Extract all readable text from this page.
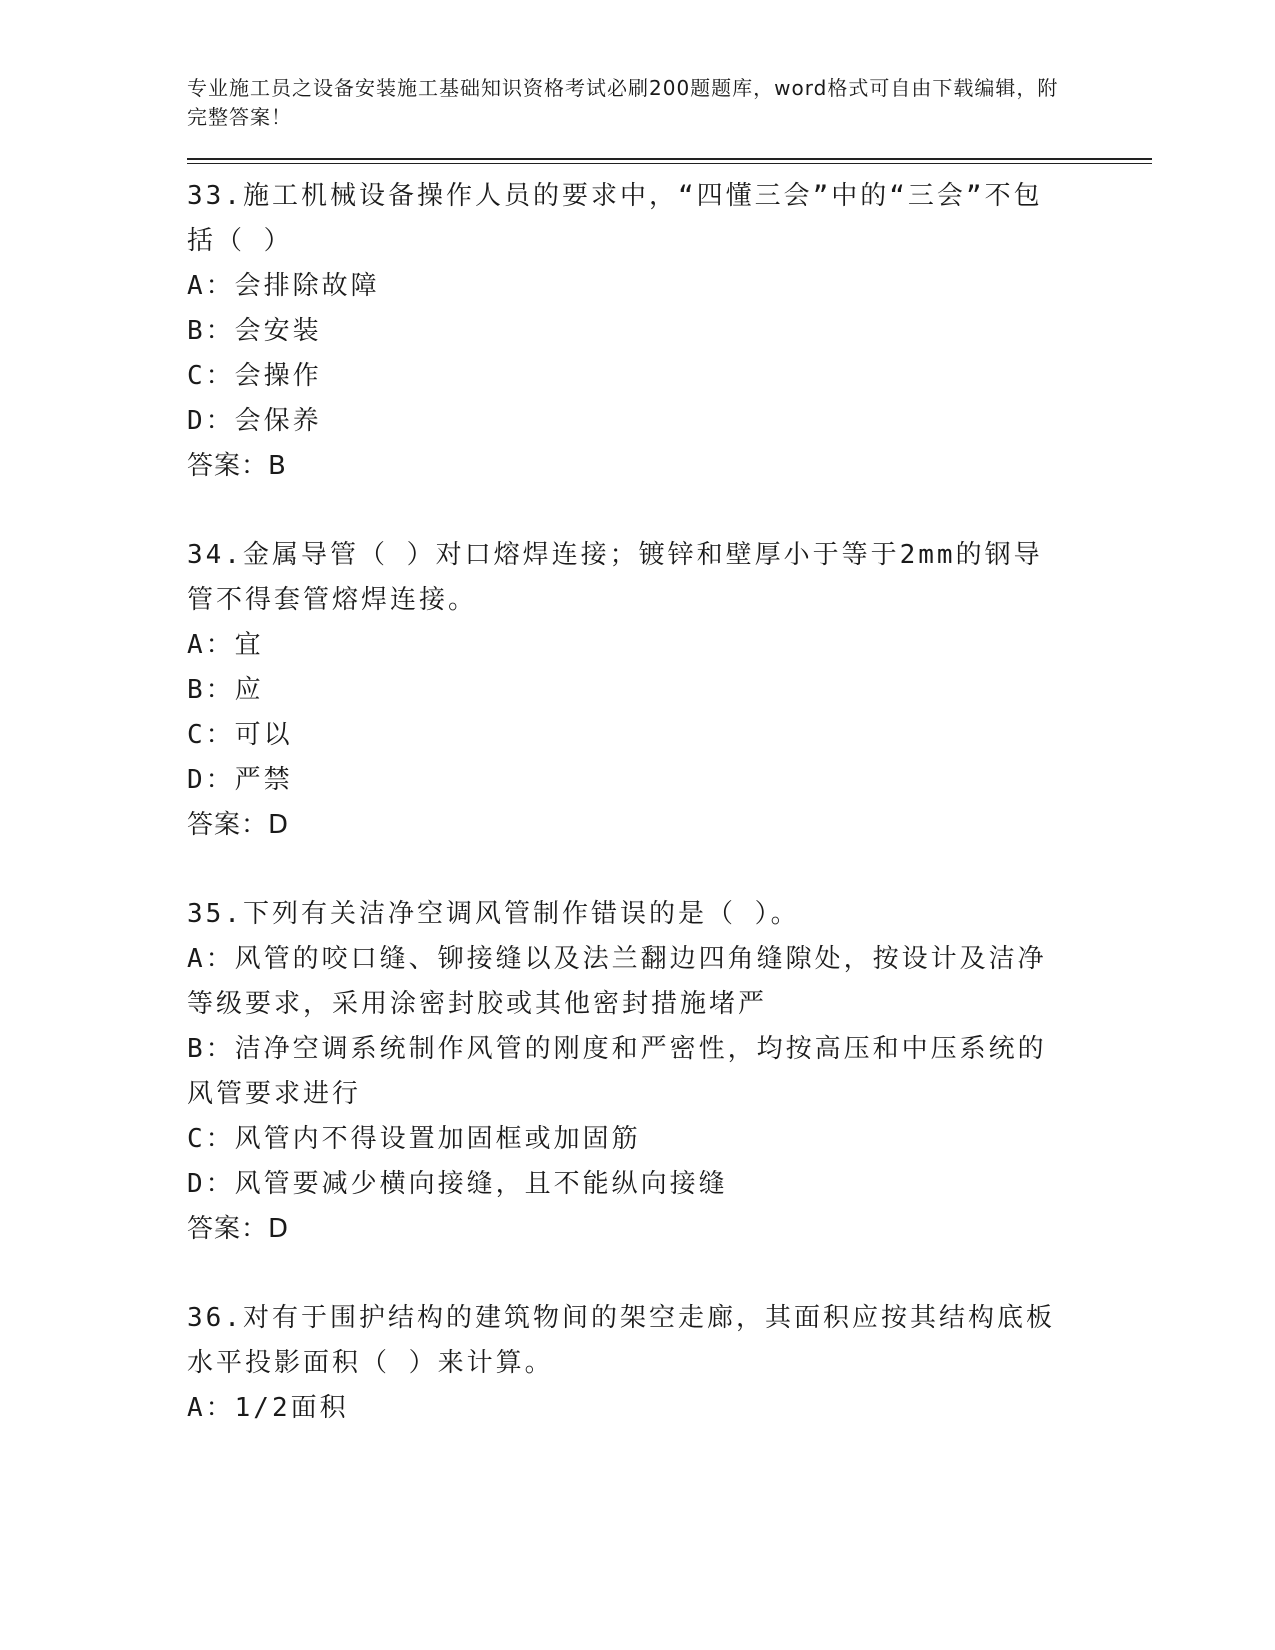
专业施工员之设备安装施工基础知识资格考试必刷200题题库，word格式可自由下载编辑，附完整答案！
33.施工机械设备操作人员的要求中，“四懂三会”中的“三会”不包括（ ）
A：会排除故障
B：会安装
C：会操作
D：会保养
答案：B
34.金属导管（ ）对口熔焊连接；镀锌和壁厚小于等于2mm的钢导管不得套管熔焊连接。
A：宜
B：应
C：可以
D：严禁
答案：D
35.下列有关洁净空调风管制作错误的是（ ）。
A：风管的咬口缝、铆接缝以及法兰翻边四角缝隙处，按设计及洁净等级要求，采用涂密封胶或其他密封措施堵严
B：洁净空调系统制作风管的刚度和严密性，均按高压和中压系统的风管要求进行
C：风管内不得设置加固框或加固筋
D：风管要减少横向接缝，且不能纵向接缝
答案：D
36.对有于围护结构的建筑物间的架空走廊，其面积应按其结构底板水平投影面积（ ）来计算。
A：1/2面积
